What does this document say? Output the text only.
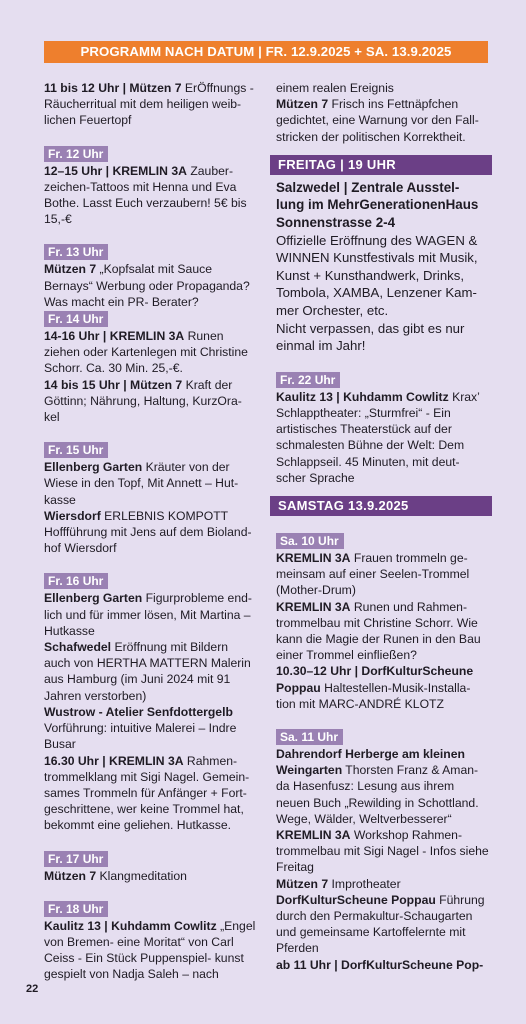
PROGRAMM NACH DATUM | FR. 12.9.2025 + SA. 13.9.2025
11 bis 12 Uhr | Mützen 7 ErÖffnungs -Räucherritual mit dem heiligen weib- lichen Feuertopf
Fr. 12 Uhr
12–15 Uhr | KREMLIN 3A Zauber- zeichen-Tattoos mit Henna und Eva Bothe. Lasst Euch verzaubern! 5€ bis 15,-€
Fr. 13 Uhr
Mützen 7 „Kopfsalat mit Sauce Bernays“ Werbung oder Propaganda? Was macht ein PR- Berater?
Fr. 14 Uhr
14-16 Uhr | KREMLIN 3A Runen ziehen oder Kartenlegen mit Christine Schorr. Ca. 30 Min. 25,-€.
14 bis 15 Uhr | Mützen 7 Kraft der Göttinn; Nährung, Haltung, KurzOra- kel
Fr. 15 Uhr
Ellenberg Garten Kräuter von der Wiese in den Topf, Mit Annett – Hut- kasse
Wiersdorf ERLEBNIS KOMPOTT Hoffführung mit Jens auf dem Bioland- hof Wiersdorf
Fr. 16 Uhr
Ellenberg Garten Figurprobleme end- lich und für immer lösen, Mit Martina – Hutkasse
Schafwedel Eröffnung mit Bildern auch von HERTHA MATTERN Malerin aus Hamburg (im Juni 2024 mit 91 Jahren verstorben)
Wustrow - Atelier Senfdottergelb Vorführung: intuitive Malerei – Indre Busar
16.30 Uhr | KREMLIN 3A Rahmen- trommelklang mit Sigi Nagel. Gemein- sames Trommeln für Anfänger + Fort- geschrittene, wer keine Trommel hat, bekommt eine geliehen. Hutkasse.
Fr. 17 Uhr
Mützen 7 Klangmeditation
Fr. 18 Uhr
Kaulitz 13 | Kuhdamm Cowlitz „Engel von Bremen- eine Moritat“ von Carl Ceiss - Ein Stück Puppenspiel- kunst gespielt von Nadja Saleh – nach
einem realen Ereignis
Mützen 7 Frisch ins Fettnäpfchen gedichtet, eine Warnung vor den Fall- stricken der politischen Korrektheit.
FREITAG | 19 UHR
Salzwedel | Zentrale Ausstel- lung im MehrGenerationenHaus Sonnenstrasse 2-4
Offizielle Eröffnung des WAGEN & WINNEN Kunstfestivals mit Musik, Kunst + Kunsthandwerk, Drinks, Tombola, XAMBA, Lenzener Kam- mer Orchester, etc.
Nicht verpassen, das gibt es nur einmal im Jahr!
Fr. 22 Uhr
Kaulitz 13 | Kuhdamm Cowlitz Krax’ Schlapptheater: „Sturmfrei“ - Ein artistisches Theaterstück auf der schmalesten Bühne der Welt: Dem Schlappseil. 45 Minuten, mit deut- scher Sprache
SAMSTAG 13.9.2025
Sa. 10 Uhr
KREMLIN 3A Frauen trommeln ge- meinsam auf einer Seelen-Trommel (Mother-Drum)
KREMLIN 3A Runen und Rahmen- trommelbau mit Christine Schorr. Wie kann die Magie der Runen in den Bau einer Trommel einfließen?
10.30–12 Uhr | DorfKulturScheune Poppau Haltestellen-Musik-Installa- tion mit MARC-ANDRÉ KLOTZ
Sa. 11 Uhr
Dahrendorf Herberge am kleinen Weingarten Thorsten Franz & Aman- da Hasenfusz: Lesung aus ihrem neuen Buch „Rewilding in Schottland. Wege, Wälder, Weltverbesserer“
KREMLIN 3A Workshop Rahmen- trommelbau mit Sigi Nagel - Infos siehe Freitag
Mützen 7 Improtheater
DorfKulturScheune Poppau Führung durch den Permakultur-Schaugarten und gemeinsame Kartoffelernte mit Pferden
ab 11 Uhr | DorfKulturScheune Pop-
22
